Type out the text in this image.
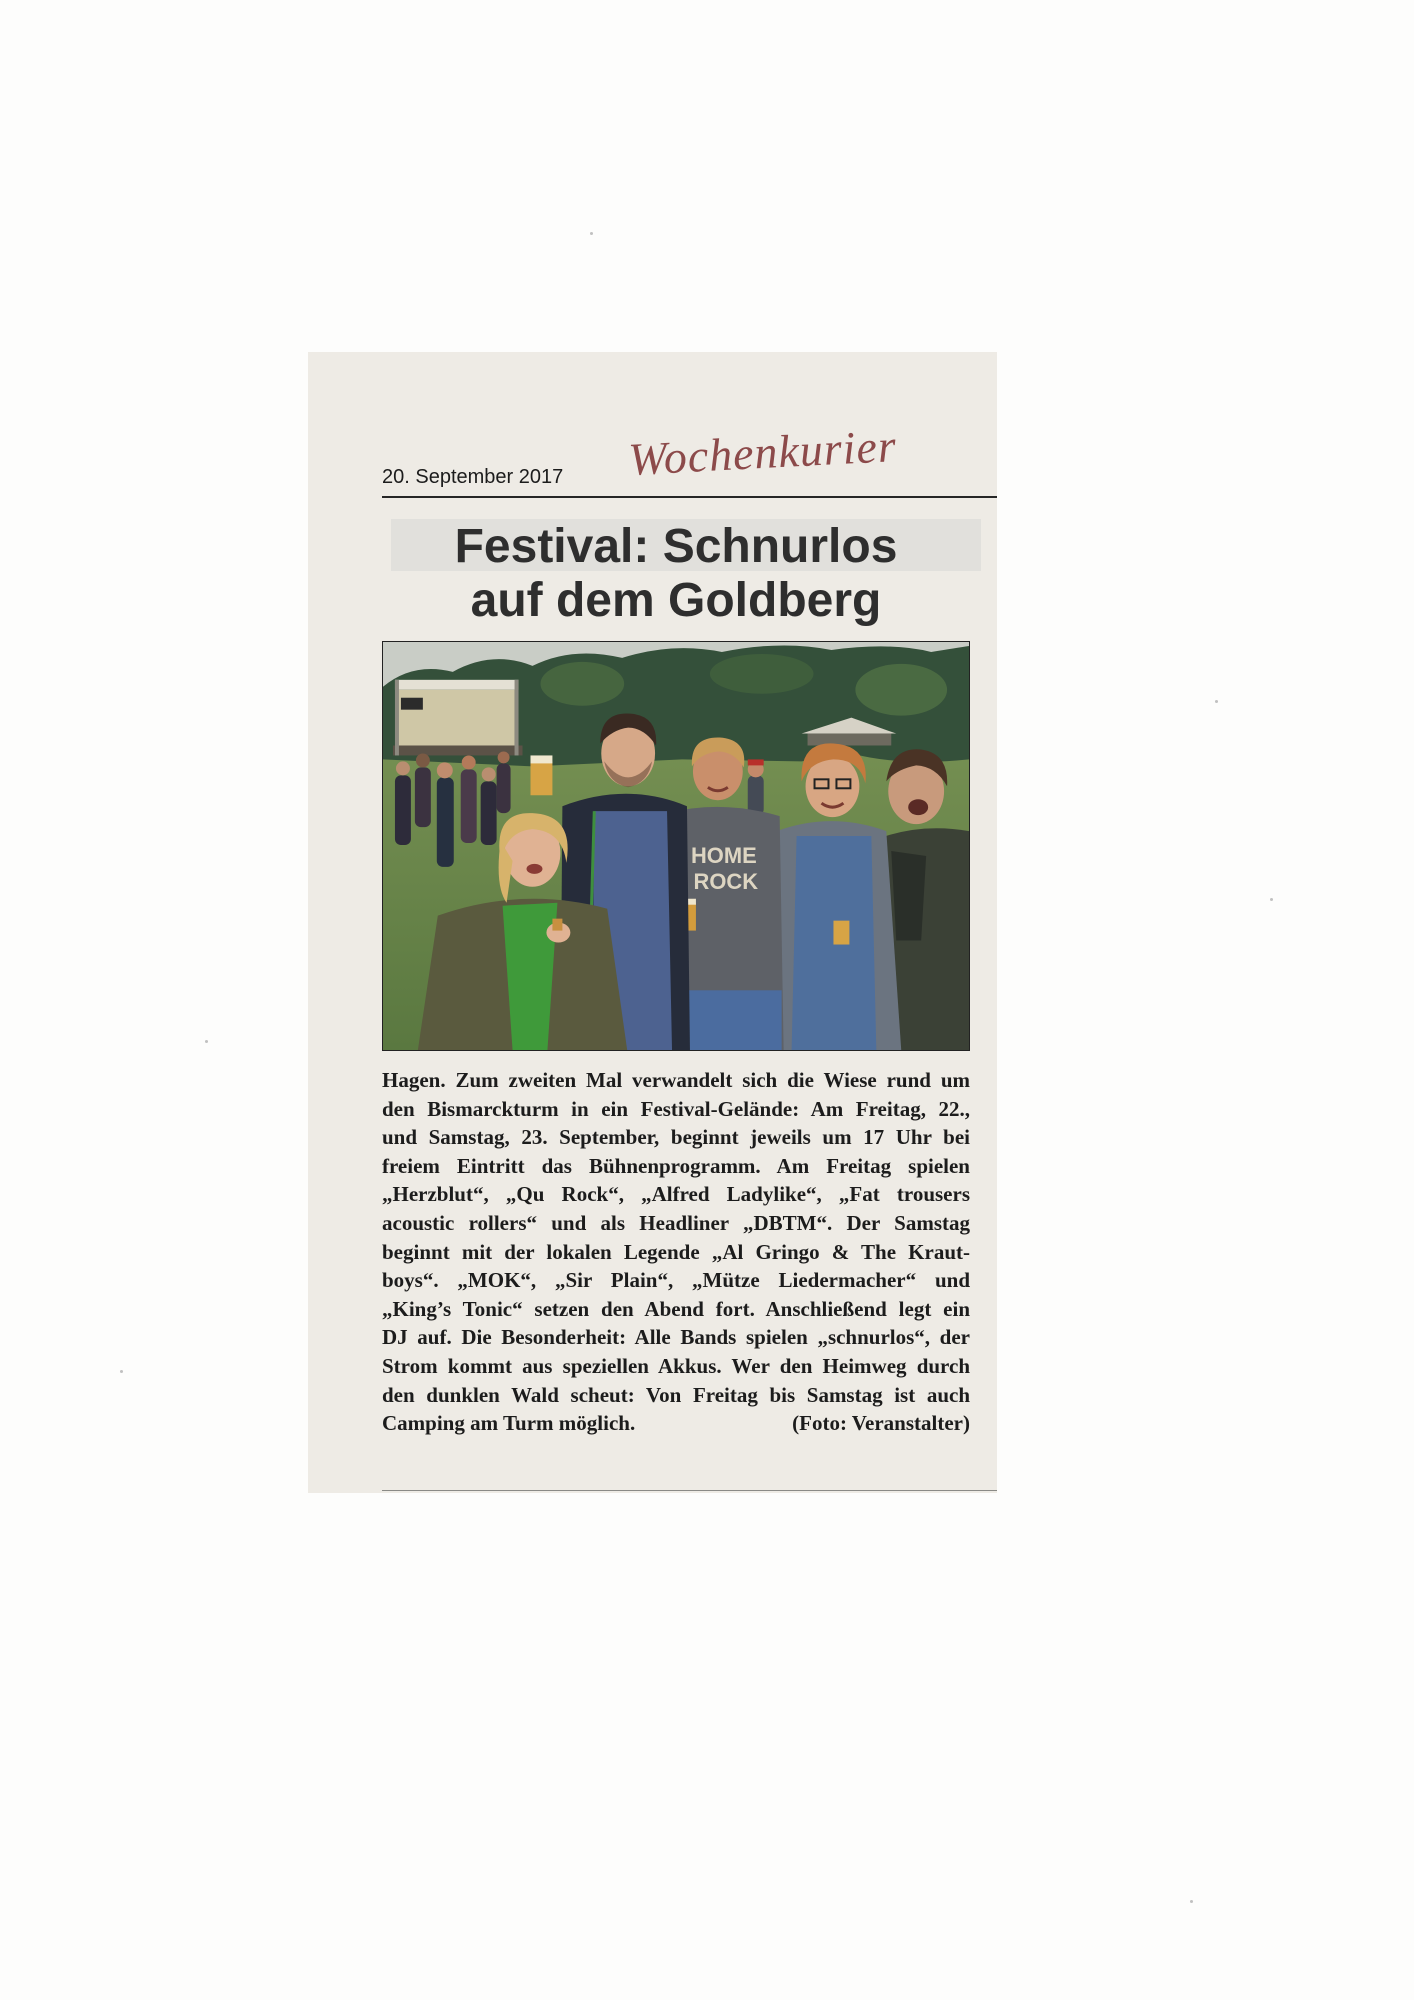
20. September 2017 Wochenkurier
Festival: Schnurlos
auf dem Goldberg
HOME
ROCK
Hagen. Zum zweiten Mal verwandelt sich die Wiese rund um
den Bismarckturm in ein Festival-Gelände: Am Freitag, 22.,
und Samstag, 23. September, beginnt jeweils um 17 Uhr bei
freiem Eintritt das Bühnenprogramm. Am Freitag spielen
„Herzblut“, „Qu Rock“, „Alfred Ladylike“, „Fat trousers
acoustic rollers“ und als Headliner „DBTM“. Der Samstag
beginnt mit der lokalen Legende „Al Gringo & The Kraut-
boys“. „MOK“, „Sir Plain“, „Mütze Liedermacher“ und
„King’s Tonic“ setzen den Abend fort. Anschließend legt ein
DJ auf. Die Besonderheit: Alle Bands spielen „schnurlos“, der
Strom kommt aus speziellen Akkus. Wer den Heimweg durch
den dunklen Wald scheut: Von Freitag bis Samstag ist auch
Camping am Turm möglich.	(Foto: Veranstalter)
